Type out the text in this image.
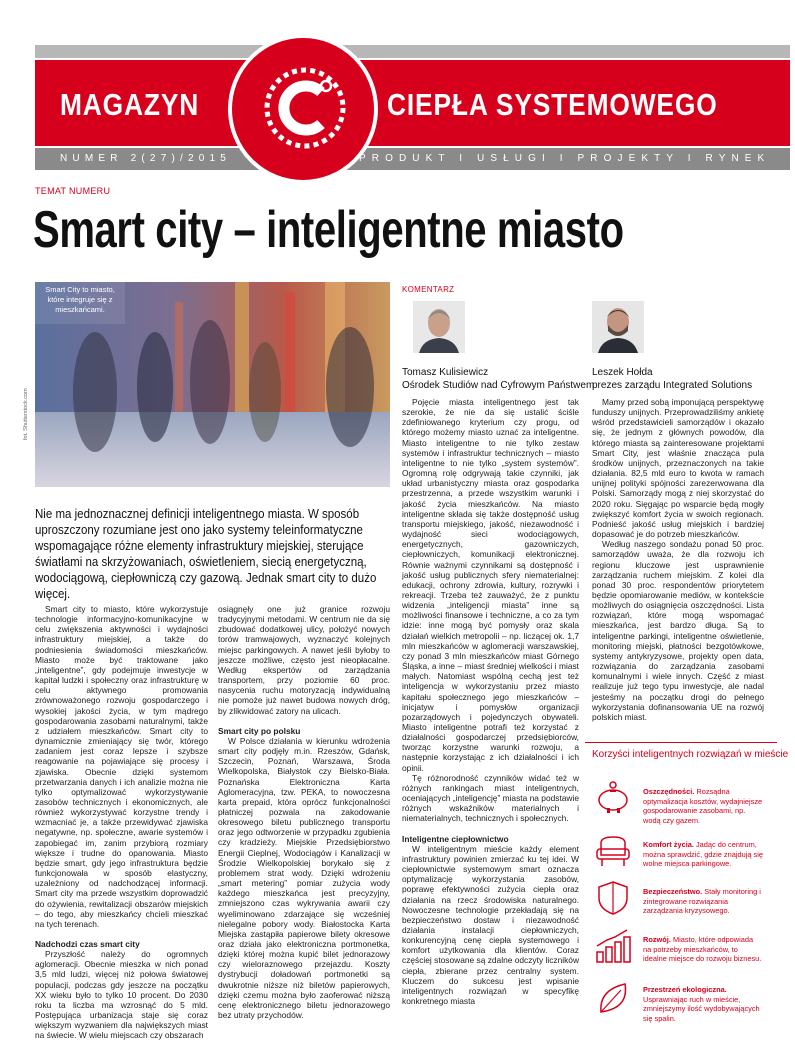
MAGAZYN	CIEPŁA SYSTEMOWEGO
NUMER 2(27)/2015	PRODUKT I USŁUGI I PROJEKTY I RYNEK
TEMAT NUMERU
Smart city – inteligentne miasto
Smart City to miasto, które integruje się z mieszkańcami.
fot. Shutterstock.com
Nie ma jednoznacznej definicji inteligentnego miasta. W sposób uproszczony rozumiane jest ono jako systemy teleinformatyczne wspomagające różne elementy infrastruktury miejskiej, sterujące światłami na skrzyżowaniach, oświetleniem, siecią energetyczną, wodociągową, ciepłowniczą czy gazową. Jednak smart city to dużo więcej.

Smart city to miasto, które wykorzystuje technologie informacyjno-komunikacyjne w celu zwiększenia aktywności i wydajności infrastruktury miejskiej, a także do podniesienia świadomości mieszkańców. Miasto może być traktowane jako „inteligentne”, gdy podejmuje inwestycje w kapitał ludzki i społeczny oraz infrastrukturę w celu aktywnego promowania zrównoważonego rozwoju gospodarczego i wysokiej jakości życia, w tym mądrego gospodarowania zasobami naturalnymi, także z udziałem mieszkańców. Smart city to dynamicznie zmieniający się twór, którego zadaniem jest coraz lepsze i szybsze reagowanie na pojawiające się procesy i zjawiska. Obecnie dzięki systemom przetwarzania danych i ich analizie można nie tylko optymalizować wykorzystywanie zasobów technicznych i ekonomicznych, ale również wykorzystywać korzystne trendy i wzmacniać je, a także przewidywać zjawiska negatywne, np. społeczne, awarie systemów i zapobiegać im, zanim przybiorą rozmiary większe i trudne do opanowania. Miasto będzie smart, gdy jego infrastruktura będzie funkcjonowała w sposób elastyczny, uzależniony od nadchodzącej informacji. Smart city ma przede wszystkim doprowadzić do ożywienia, rewitalizacji obszarów miejskich – do tego, aby mieszkańcy chcieli mieszkać na tych terenach.

Nadchodzi czas smart city

Przyszłość należy do ogromnych aglomeracji. Obecnie mieszka w nich ponad 3,5 mld ludzi, więcej niż połowa światowej populacji, podczas gdy jeszcze na początku XX wieku było to tylko 10 procent. Do 2030 roku ta liczba ma wzrosnąć do 5 mld. Postępująca urbanizacja staje się coraz większym wyzwaniem dla największych miast na świecie. W wielu miejscach czy obszarach

osiągnęły one już granice rozwoju tradycyjnymi metodami. W centrum nie da się zbudować dodatkowej ulicy, położyć nowych torów tramwajowych, wyznaczyć kolejnych miejsc parkingowych. A nawet jeśli byłoby to jeszcze możliwe, często jest nieopłacalne. Według ekspertów od zarządzania transportem, przy poziomie 60 proc. nasycenia ruchu motoryzacją indywidualną nie pomoże już nawet budowa nowych dróg, by zlikwidować zatory na ulicach.

Smart city po polsku

W Polsce działania w kierunku wdrożenia smart city podjęły m.in. Rzeszów, Gdańsk, Szczecin, Poznań, Warszawa, Środa Wielkopolska, Białystok czy Bielsko-Biała. Poznańska Elektroniczna Karta Aglomeracyjna, tzw. PEKA, to nowoczesna karta prepaid, która oprócz funkcjonalności płatniczej pozwala na zakodowanie okresowego biletu publicznego transportu oraz jego odtworzenie w przypadku zgubienia czy kradzieży. Miejskie Przedsiębiorstwo Energii Cieplnej, Wodociągów i Kanalizacji w Środzie Wielkopolskiej borykało się z problemem strat wody. Dzięki wdrożeniu „smart metering” pomiar zużycia wody każdego mieszkańca jest precyzyjny, zmniejszono czas wykrywania awarii czy wyeliminowano zdarzające się wcześniej nielegalne pobory wody. Białostocka Karta Miejska zastąpiła papierowe bilety okresowe oraz działa jako elektroniczna portmonetka, dzięki której można kupić bilet jednorazowy czy wieloraznowego przejazdu. Koszty dystrybucji doładowań portmonetki są dwukrotnie niższe niż biletów papierowych, dzięki czemu można było zaoferować niższą cenę elektronicznego biletu jednorazowego bez utraty przychodów.

KOMENTARZ
Tomasz Kulisiewicz
Ośrodek Studiów nad Cyfrowym Państwem
Leszek Hołda
prezes zarządu Integrated Solutions

Pojęcie miasta inteligentnego jest tak szerokie, że nie da się ustalić ściśle zdefiniowanego kryterium czy progu, od którego możemy miasto uznać za inteligentne. Miasto inteligentne to nie tylko zestaw systemów i infrastruktur technicznych – miasto inteligentne to nie tylko „system systemów”. Ogromną rolę odgrywają takie czynniki, jak układ urbanistyczny miasta oraz gospodarka przestrzenna, a przede wszystkim warunki i jakość życia mieszkańców. Na miasto inteligentne składa się także dostępność usług transportu miejskiego, jakość, niezawodność i wydajność sieci wodociągowych, energetycznych, gazowniczych, ciepłowniczych, komunikacji elektronicznej. Równie ważnymi czynnikami są dostępność i jakość usług publicznych sfery niematerialnej: edukacji, ochrony zdrowia, kultury, rozrywki i rekreacji. Trzeba też zauważyć, że z punktu widzenia „inteligencji miasta” inne są możliwości finansowe i techniczne, a co za tym idzie: inne mogą być pomysły oraz skala działań wielkich metropolii – np. liczącej ok. 1,7 mln mieszkańców w aglomeracji warszawskiej, czy ponad 3 mln mieszkańców miast Górnego Śląska, a inne – miast średniej wielkości i miast małych. Natomiast wspólną cechą jest też inteligencja w wykorzystaniu przez miasto kapitału społecznego jego mieszkańców – inicjatyw i pomysłów organizacji pozarządowych i pojedynczych obywateli. Miasto inteligentne potrafi też korzystać z działalności gospodarczej przedsiębiorców, tworząc korzystne warunki rozwoju, a następnie korzystając z ich działalności i ich opinii.

Tę różnorodność czynników widać też w różnych rankingach miast inteligentnych, oceniających „inteligencję” miasta na podstawie różnych wskaźników materialnych i niematerialnych, technicznych i społecznych.

Inteligentne ciepłownictwo

W inteligentnym mieście każdy element infrastruktury powinien zmierzać ku tej idei. W ciepłownictwie systemowym smart oznacza optymalizację wykorzystania zasobów, poprawę efektywności zużycia ciepła oraz działania na rzecz środowiska naturalnego. Nowoczesne technologie przekładają się na bezpieczeństwo dostaw i niezawodność działania instalacji ciepłowniczych, konkurencyjną cenę ciepła systemowego i komfort użytkowania dla klientów. Coraz częściej stosowane są zdalne odczyty liczników ciepła, zbierane przez centralny system. Kluczem do sukcesu jest wpisanie inteligentnych rozwiązań w specyfikę konkretnego miasta

Mamy przed sobą imponującą perspektywę funduszy unijnych. Przeprowadziliśmy ankietę wśród przedstawicieli samorządów i okazało się, że jednym z głównych powodów, dla którego miasta są zainteresowane projektami Smart City, jest właśnie znacząca pula środków unijnych, przeznaczonych na takie działania. 82,5 mld euro to kwota w ramach unijnej polityki spójności zarezerwowana dla Polski. Samorządy mogą z niej skorzystać do 2020 roku. Sięgając po wsparcie będą mogły zwiększyć komfort życia w swoich regionach. Podnieść jakość usług miejskich i bardziej dopasować je do potrzeb mieszkańców.

Według naszego sondażu ponad 50 proc. samorządów uważa, że dla rozwoju ich regionu kluczowe jest usprawnienie zarządzania ruchem miejskim. Z kolei dla ponad 30 proc. respondentów priorytetem będzie opomiarowanie mediów, w kontekście możliwych do osiągnięcia oszczędności. Lista rozwiązań, które mogą wspomagać mieszkańca, jest bardzo długa. Są to inteligentne parkingi, inteligentne oświetlenie, monitoring miejski, płatności bezgotówkowe, systemy antykryzysowe, projekty open data, rozwiązania do zarządzania zasobami komunalnymi i wiele innych. Część z miast realizuje już tego typu inwestycje, ale nadal jesteśmy na początku drogi do pełnego wykorzystania dofinansowania UE na rozwój polskich miast.

Korzyści inteligentnych rozwiązań w mieście
Oszczędności. Rozsądna optymalizacja kosztów, wydajniejsze gospodarowanie zasobami, np. wodą czy gazem.
Komfort życia. Jadąc do centrum, można sprawdzić, gdzie znajdują się wolne miejsca parkingowe.
Bezpieczeństwo. Stały monitoring i zintegrowane rozwiązania zarządzania kryzysowego.
Rozwój. Miasto, które odpowiada na potrzeby mieszkańców, to idealne miejsce do rozwoju biznesu.
Przestrzeń ekologiczna. Usprawniając ruch w mieście, zmniejszymy ilość wydobywających się spalin.
